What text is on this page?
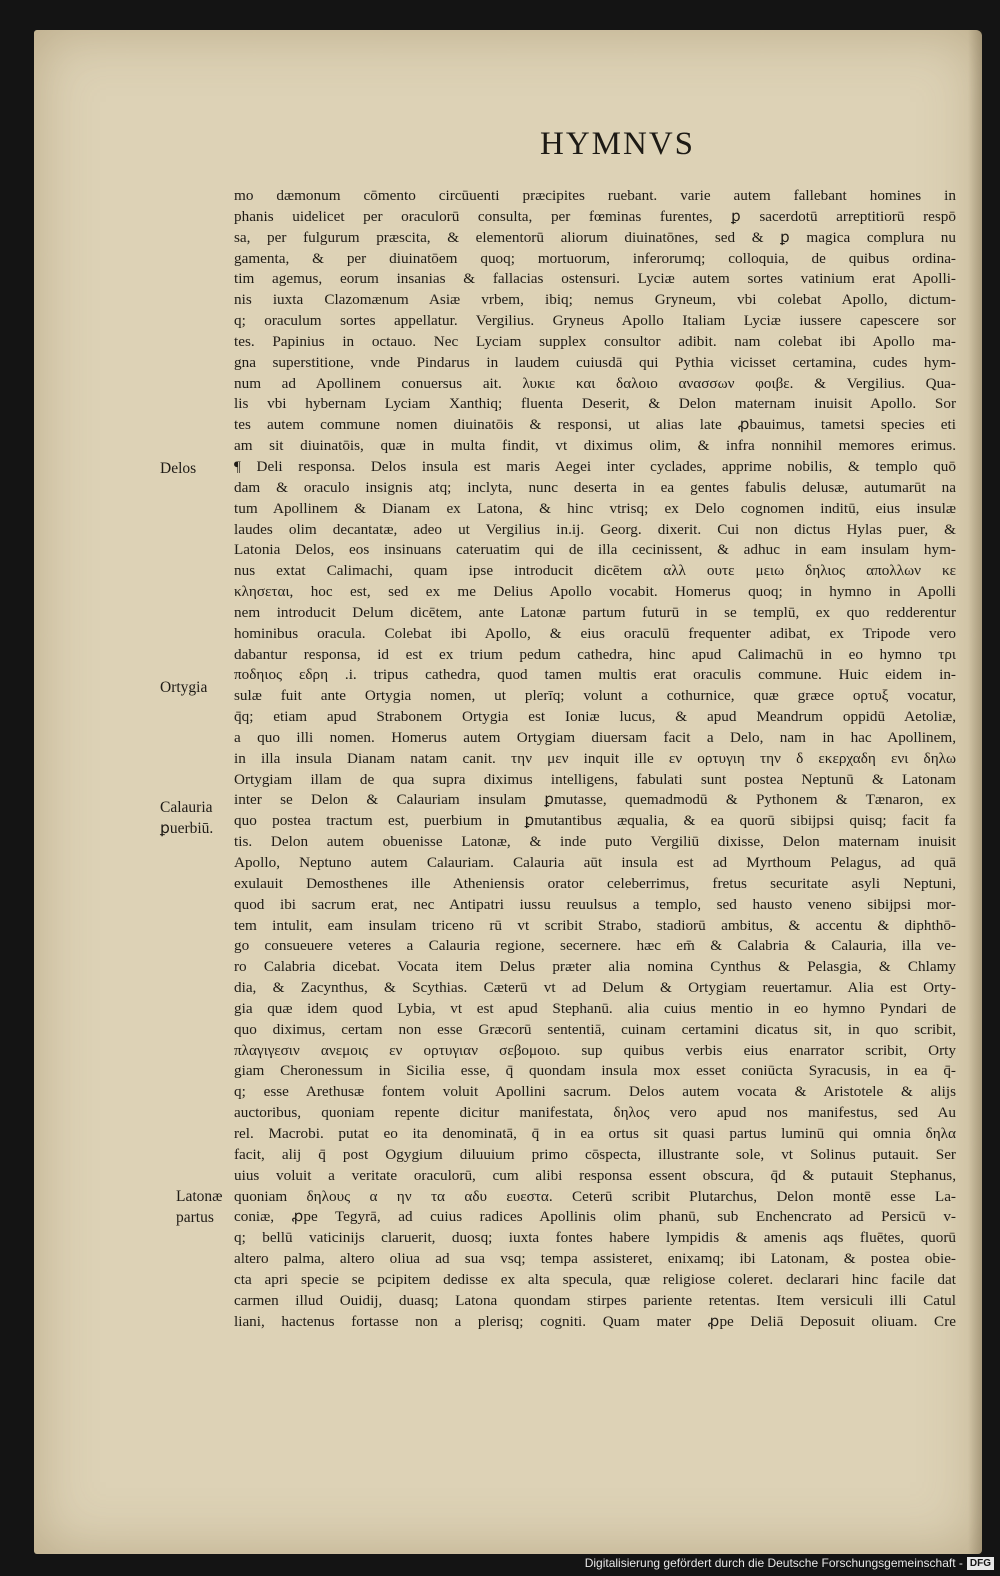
HYMNVS
mo dæmonum cōmento circūuenti præcipites ruebant. varie autem fallebant homines in
phanis uidelicet per oraculorū consulta, per fœminas furentes, ꝑ sacerdotū arreptitiorū respō
sa, per fulgurum præscita, & elementorū aliorum diuinatōnes, sed & ꝑ magica complura nu
gamenta, & per diuinatōem quoq; mortuorum, inferorumq; colloquia, de quibus ordina-
tim agemus, eorum insanias & fallacias ostensuri. Lyciæ autem sortes vatinium erat Apolli-
nis iuxta Clazomænum Asiæ vrbem, ibiq; nemus Gryneum, vbi colebat Apollo, dictum-
q; oraculum sortes appellatur. Vergilius. Gryneus Apollo Italiam Lyciæ iussere capescere sor
tes. Papinius in octauo. Nec Lyciam supplex consultor adibit. nam colebat ibi Apollo ma-
gna superstitione, vnde Pindarus in laudem cuiusdā qui Pythia vicisset certamina, cudes hym-
num ad Apollinem conuersus ait. λυκιε και δαλοιο ανασσων φοιβε. & Vergilius. Qua-
lis vbi hybernam Lyciam Xanthiq; fluenta Deserit, & Delon maternam inuisit Apollo. Sor
tes autem commune nomen diuinatōis & responsi, ut alias late ꝓbauimus, tametsi species eti
am sit diuinatōis, quæ in multa findit, vt diximus olim, & infra nonnihil memores erimus.
¶ Deli responsa. Delos insula est maris Aegei inter cyclades, apprime nobilis, & templo quō
dam & oraculo insignis atq; inclyta, nunc deserta in ea gentes fabulis delusæ, autumarūt na
tum Apollinem & Dianam ex Latona, & hinc vtrisq; ex Delo cognomen inditū, eius insulæ
laudes olim decantatæ, adeo ut Vergilius in.ij. Georg. dixerit. Cui non dictus Hylas puer, &
Latonia Delos, eos insinuans cateruatim qui de illa cecinissent, & adhuc in eam insulam hym-
nus extat Calimachi, quam ipse introducit dicētem αλλ ουτε μειω δηλιος απολλων κε
κλησεται, hoc est, sed ex me Delius Apollo vocabit. Homerus quoq; in hymno in Apolli
nem introducit Delum dicētem, ante Latonæ partum futurū in se templū, ex quo redderentur
hominibus oracula. Colebat ibi Apollo, & eius oraculū frequenter adibat, ex Tripode vero
dabantur responsa, id est ex trium pedum cathedra, hinc apud Calimachū in eo hymno τρι
ποδηιος εδρη .i. tripus cathedra, quod tamen multis erat oraculis commune. Huic eidem in-
sulæ fuit ante Ortygia nomen, ut plerīq; volunt a cothurnice, quæ græce ορτυξ vocatur,
q̄q; etiam apud Strabonem Ortygia est Ioniæ lucus, & apud Meandrum oppidū Aetoliæ,
a quo illi nomen. Homerus autem Ortygiam diuersam facit a Delo, nam in hac Apollinem,
in illa insula Dianam natam canit. την μεν inquit ille εν ορτυγιη την δ εκερχαδη ενι δηλω
Ortygiam illam de qua supra diximus intelligens, fabulati sunt postea Neptunū & Latonam
inter se Delon & Calauriam insulam ꝑmutasse, quemadmodū & Pythonem & Tænaron, ex
quo postea tractum est, puerbium in ꝑmutantibus æqualia, & ea quorū sibijpsi quisq; facit fa
tis. Delon autem obuenisse Latonæ, & inde puto Vergiliū dixisse, Delon maternam inuisit
Apollo, Neptuno autem Calauriam. Calauria aūt insula est ad Myrthoum Pelagus, ad quā
exulauit Demosthenes ille Atheniensis orator celeberrimus, fretus securitate asyli Neptuni,
quod ibi sacrum erat, nec Antipatri iussu reuulsus a templo, sed hausto veneno sibijpsi mor-
tem intulit, eam insulam triceno rū vt scribit Strabo, stadiorū ambitus, & accentu & diphthō-
go consueuere veteres a Calauria regione, secernere. hæc em̄ & Calabria & Calauria, illa ve-
ro Calabria dicebat. Vocata item Delus præter alia nomina Cynthus & Pelasgia, & Chlamy
dia, & Zacynthus, & Scythias. Cæterū vt ad Delum & Ortygiam reuertamur. Alia est Orty-
gia quæ idem quod Lybia, vt est apud Stephanū. alia cuius mentio in eo hymno Pyndari de
quo diximus, certam non esse Græcorū sententiā, cuinam certamini dicatus sit, in quo scribit,
πλαγιγεσιν ανεμοις εν ορτυγιαν σεβομοιο. sup quibus verbis eius enarrator scribit, Orty
giam Cheronessum in Sicilia esse, q̄ quondam insula mox esset coniūcta Syracusis, in ea q̄-
q; esse Arethusæ fontem voluit Apollini sacrum. Delos autem vocata & Aristotele & alijs
auctoribus, quoniam repente dicitur manifestata, δηλος vero apud nos manifestus, sed Au
rel. Macrobi. putat eo ita denominatā, q̄ in ea ortus sit quasi partus luminū qui omnia δηλα
facit, alij q̄ post Ogygium diluuium primo cōspecta, illustrante sole, vt Solinus putauit. Ser
uius voluit a veritate oraculorū, cum alibi responsa essent obscura, q̄d & putauit Stephanus,
quoniam δηλους α ην τα αδυ ευεστα. Ceterū scribit Plutarchus, Delon montē esse La-
coniæ, ꝓpe Tegyrā, ad cuius radices Apollinis olim phanū, sub Enchencrato ad Persicū v-
q; bellū vaticinijs claruerit, duosq; iuxta fontes habere lympidis & amenis aqs fluētes, quorū
altero palma, altero oliua ad sua vsq; tempa assisteret, enixamq; ibi Latonam, & postea obie-
cta apri specie se pcipitem dedisse ex alta specula, quæ religiose coleret. declarari hinc facile dat
carmen illud Ouidij, duasq; Latona quondam stirpes pariente retentas. Item versiculi illi Catul
liani, hactenus fortasse non a plerisq; cogniti. Quam mater ꝓpe Deliā Deposuit oliuam. Cre
Delos
Ortygia
Calauria
ꝑuerbiū.
Latonæ
partus
Digitalisierung gefördert durch die Deutsche Forschungsgemeinschaft - DFG
